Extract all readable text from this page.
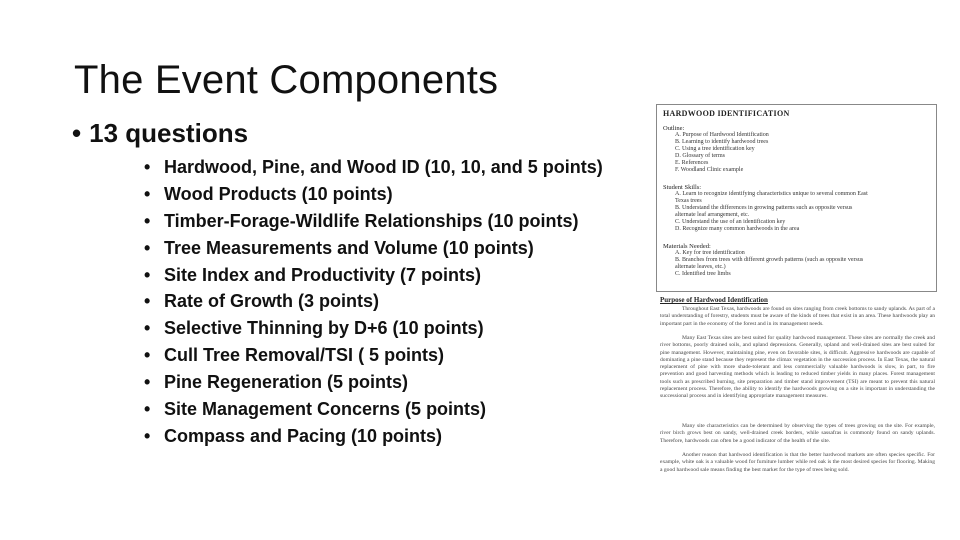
The Event Components
• 13 questions
• Hardwood, Pine, and Wood ID (10, 10, and 5 points)
• Wood Products (10 points)
• Timber-Forage-Wildlife Relationships (10 points)
• Tree Measurements and Volume (10 points)
• Site Index and Productivity (7 points)
• Rate of Growth (3 points)
• Selective Thinning by D+6 (10 points)
• Cull Tree Removal/TSI ( 5 points)
• Pine Regeneration (5 points)
• Site Management Concerns (5 points)
• Compass and Pacing (10 points)
HARDWOOD IDENTIFICATION
Outline:
A. Purpose of Hardwood Identification
B. Learning to identify hardwood trees
C. Using a tree identification key
D. Glossary of terms
E. References
F. Woodland Clinic example
Student Skills:
A. Learn to recognize identifying characteristics unique to several common East
Texas trees
B. Understand the differences in growing patterns such as opposite versus
alternate leaf arrangement, etc.
C. Understand the use of an identification key
D. Recognize many common hardwoods in the area
Materials Needed:
A. Key for tree identification
B. Branches from trees with different growth patterns (such as opposite versus
alternate leaves, etc.)
C. Identified tree limbs
Purpose of Hardwood Identification
Throughout East Texas, hardwoods are found on sites ranging from creek bottoms to sandy uplands. As part of a total understanding of forestry, students must be aware of the kinds of trees that exist in an area. These hardwoods play an important part in the economy of the forest and in its management needs.
Many East Texas sites are best suited for quality hardwood management. These sites are normally the creek and river bottoms, poorly drained soils, and upland depressions. Generally, upland and well-drained sites are best suited for pine management. However, maintaining pine, even on favorable sites, is difficult. Aggressive hardwoods are capable of dominating a pine stand because they represent the climax vegetation in the succession process. In East Texas, the natural replacement of pine with more shade-tolerant and less commercially valuable hardwoods is slow, in part, to fire prevention and good harvesting methods which is leading to reduced timber yields in many places. Forest management tools such as prescribed burning, site preparation and timber stand improvement (TSI) are meant to prevent this natural replacement process. Therefore, the ability to identify the hardwoods growing on a site is important in understanding the successional process and in identifying appropriate management measures.
Many site characteristics can be determined by observing the types of trees growing on the site. For example, river birch grows best on sandy, well-drained creek borders, while sassafras is commonly found on sandy uplands. Therefore, hardwoods can often be a good indicator of the health of the site.
Another reason that hardwood identification is that the better hardwood markets are often species specific. For example, white oak is a valuable wood for furniture lumber while red oak is the most desired species for flooring. Making a good hardwood sale means finding the best market for the type of trees being sold.
